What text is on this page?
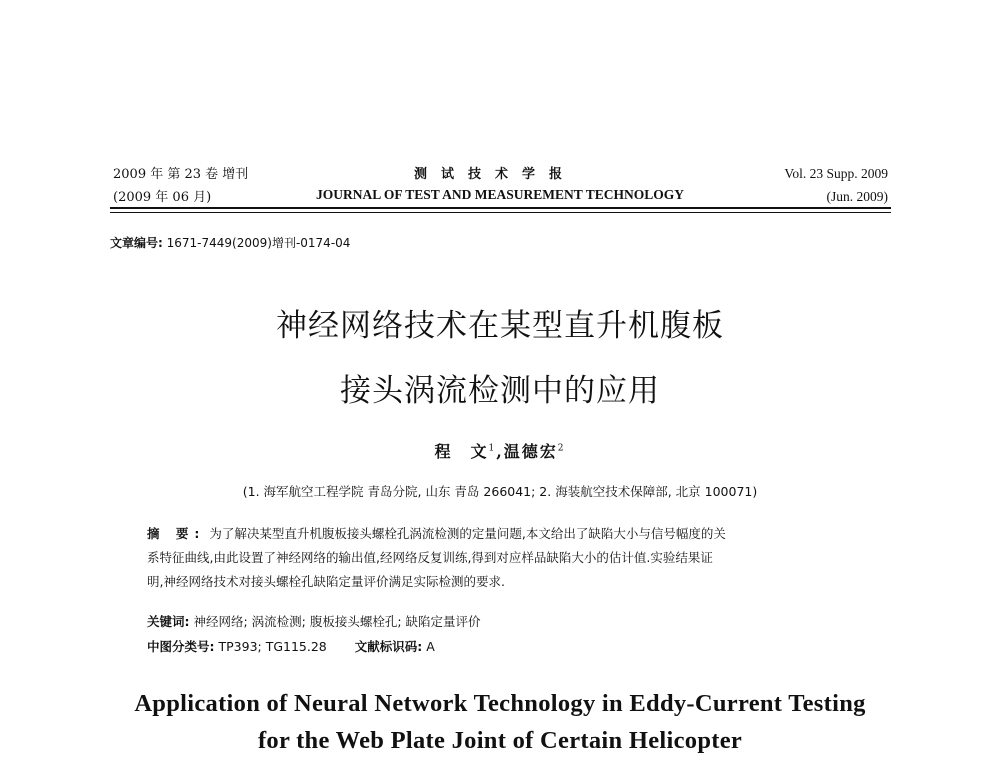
2009 年 第 23 卷 增刊
(2009 年 06 月)
测试技术学报
JOURNAL OF TEST AND MEASUREMENT TECHNOLOGY
Vol. 23 Supp. 2009
(Jun. 2009)
文章编号: 1671-7449(2009)增刊-0174-04
神经网络技术在某型直升机腹板
接头涡流检测中的应用
程　文$^1$,温德宏$^2$
(1. 海军航空工程学院 青岛分院, 山东 青岛 266041; 2. 海装航空技术保障部, 北京 100071)
摘 要: 为了解决某型直升机腹板接头螺栓孔涡流检测的定量问题,本文给出了缺陷大小与信号幅度的关
系特征曲线,由此设置了神经网络的输出值,经网络反复训练,得到对应样品缺陷大小的估计值.实验结果证
明,神经网络技术对接头螺栓孔缺陷定量评价满足实际检测的要求.
关键词: 神经网络; 涡流检测; 腹板接头螺栓孔; 缺陷定量评价
中图分类号: TP393; TG115.28 文献标识码: A
Application of Neural Network Technology in Eddy-Current Testing
for the Web Plate Joint of Certain Helicopter
